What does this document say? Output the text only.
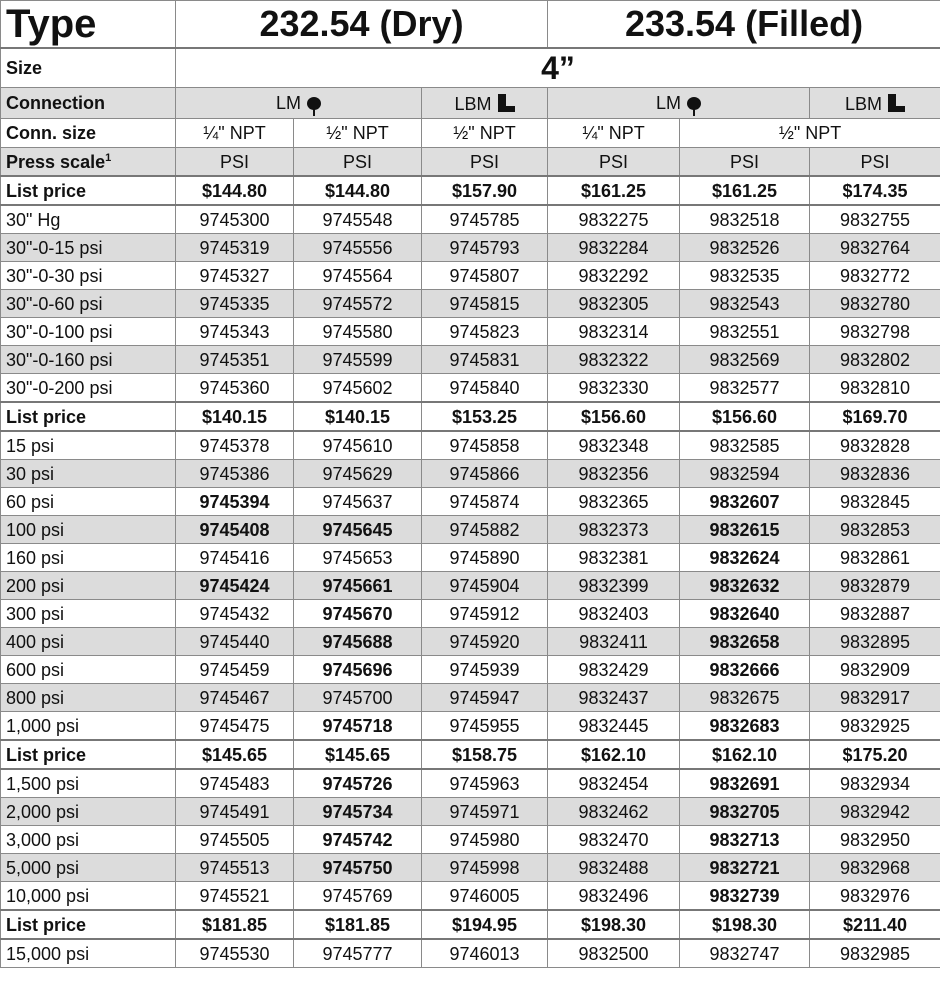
Type	232.54 (Dry)			233.54 (Filled)		
Size	4”					
Connection	LM		LBM	LM		LBM
Conn. size	¼" NPT	½" NPT	½" NPT	¼" NPT	½" NPT	
Press scale$^1$	PSI	PSI	PSI	PSI	PSI	PSI
List price	$144.80	$144.80	$157.90	$161.25	$161.25	$174.35
30" Hg	9745300	9745548	9745785	9832275	9832518	9832755
30"-0-15 psi	9745319	9745556	9745793	9832284	9832526	9832764
30"-0-30 psi	9745327	9745564	9745807	9832292	9832535	9832772
30"-0-60 psi	9745335	9745572	9745815	9832305	9832543	9832780
30"-0-100 psi	9745343	9745580	9745823	9832314	9832551	9832798
30"-0-160 psi	9745351	9745599	9745831	9832322	9832569	9832802
30"-0-200 psi	9745360	9745602	9745840	9832330	9832577	9832810
List price	$140.15	$140.15	$153.25	$156.60	$156.60	$169.70
15 psi	9745378	9745610	9745858	9832348	9832585	9832828
30 psi	9745386	9745629	9745866	9832356	9832594	9832836
60 psi	9745394	9745637	9745874	9832365	9832607	9832845
100 psi	9745408	9745645	9745882	9832373	9832615	9832853
160 psi	9745416	9745653	9745890	9832381	9832624	9832861
200 psi	9745424	9745661	9745904	9832399	9832632	9832879
300 psi	9745432	9745670	9745912	9832403	9832640	9832887
400 psi	9745440	9745688	9745920	9832411	9832658	9832895
600 psi	9745459	9745696	9745939	9832429	9832666	9832909
800 psi	9745467	9745700	9745947	9832437	9832675	9832917
1,000 psi	9745475	9745718	9745955	9832445	9832683	9832925
List price	$145.65	$145.65	$158.75	$162.10	$162.10	$175.20
1,500 psi	9745483	9745726	9745963	9832454	9832691	9832934
2,000 psi	9745491	9745734	9745971	9832462	9832705	9832942
3,000 psi	9745505	9745742	9745980	9832470	9832713	9832950
5,000 psi	9745513	9745750	9745998	9832488	9832721	9832968
10,000 psi	9745521	9745769	9746005	9832496	9832739	9832976
List price	$181.85	$181.85	$194.95	$198.30	$198.30	$211.40
15,000 psi	9745530	9745777	9746013	9832500	9832747	9832985
